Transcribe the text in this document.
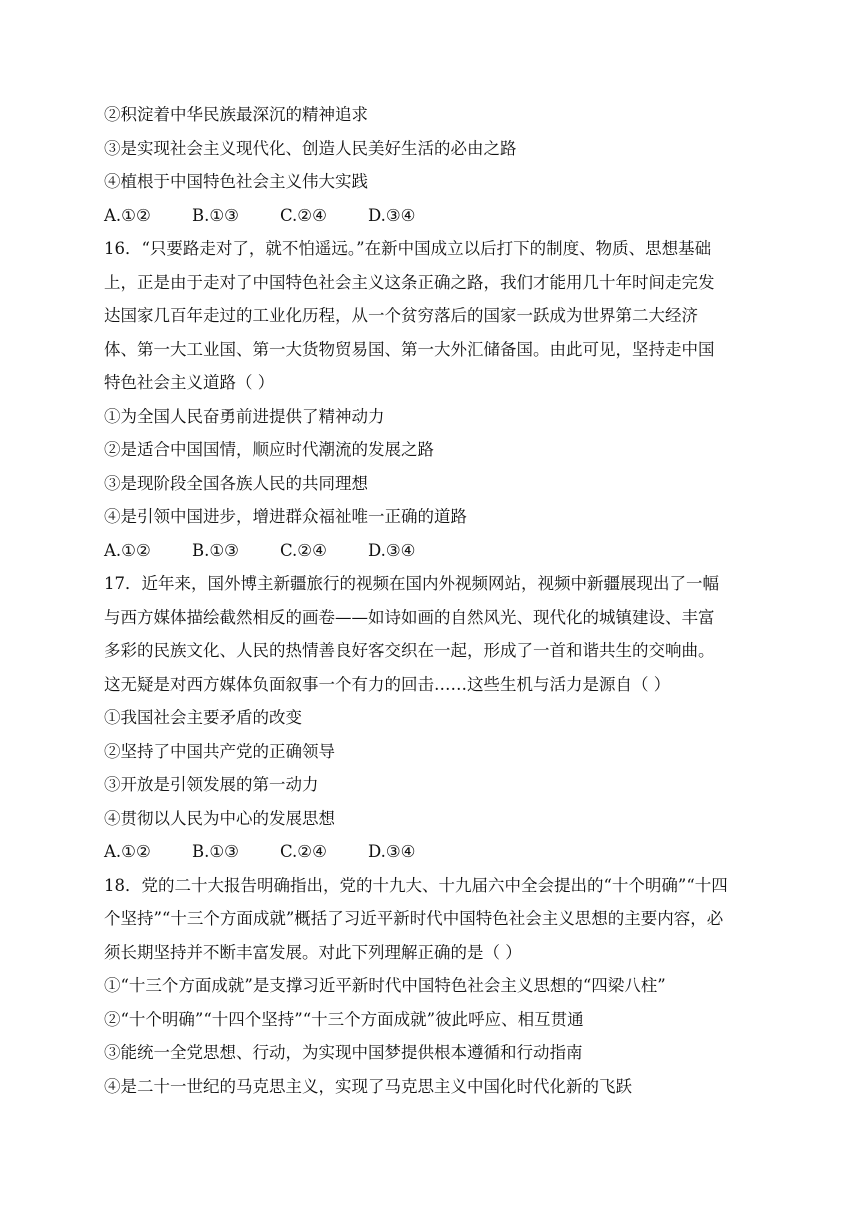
②积淀着中华民族最深沉的精神追求
③是实现社会主义现代化、创造人民美好生活的必由之路
④植根于中国特色社会主义伟大实践
A.①②	B.①③	C.②④	D.③④
16．“只要路走对了，就不怕遥远。”在新中国成立以后打下的制度、物质、思想基础
上，正是由于走对了中国特色社会主义这条正确之路，我们才能用几十年时间走完发
达国家几百年走过的工业化历程，从一个贫穷落后的国家一跃成为世界第二大经济
体、第一大工业国、第一大货物贸易国、第一大外汇储备国。由此可见，坚持走中国
特色社会主义道路（ ）
①为全国人民奋勇前进提供了精神动力
②是适合中国国情，顺应时代潮流的发展之路
③是现阶段全国各族人民的共同理想
④是引领中国进步，增进群众福祉唯一正确的道路
A.①②	B.①③	C.②④	D.③④
17．近年来，国外博主新疆旅行的视频在国内外视频网站，视频中新疆展现出了一幅
与西方媒体描绘截然相反的画卷——如诗如画的自然风光、现代化的城镇建设、丰富
多彩的民族文化、人民的热情善良好客交织在一起，形成了一首和谐共生的交响曲。
这无疑是对西方媒体负面叙事一个有力的回击……这些生机与活力是源自（ ）
①我国社会主要矛盾的改变
②坚持了中国共产党的正确领导
③开放是引领发展的第一动力
④贯彻以人民为中心的发展思想
A.①②	B.①③	C.②④	D.③④
18．党的二十大报告明确指出，党的十九大、十九届六中全会提出的“十个明确”“十四
个坚持”“十三个方面成就”概括了习近平新时代中国特色社会主义思想的主要内容，必
须长期坚持并不断丰富发展。对此下列理解正确的是（ ）
①“十三个方面成就”是支撑习近平新时代中国特色社会主义思想的“四梁八柱”
②“十个明确”“十四个坚持”“十三个方面成就”彼此呼应、相互贯通
③能统一全党思想、行动，为实现中国梦提供根本遵循和行动指南
④是二十一世纪的马克思主义，实现了马克思主义中国化时代化新的飞跃
